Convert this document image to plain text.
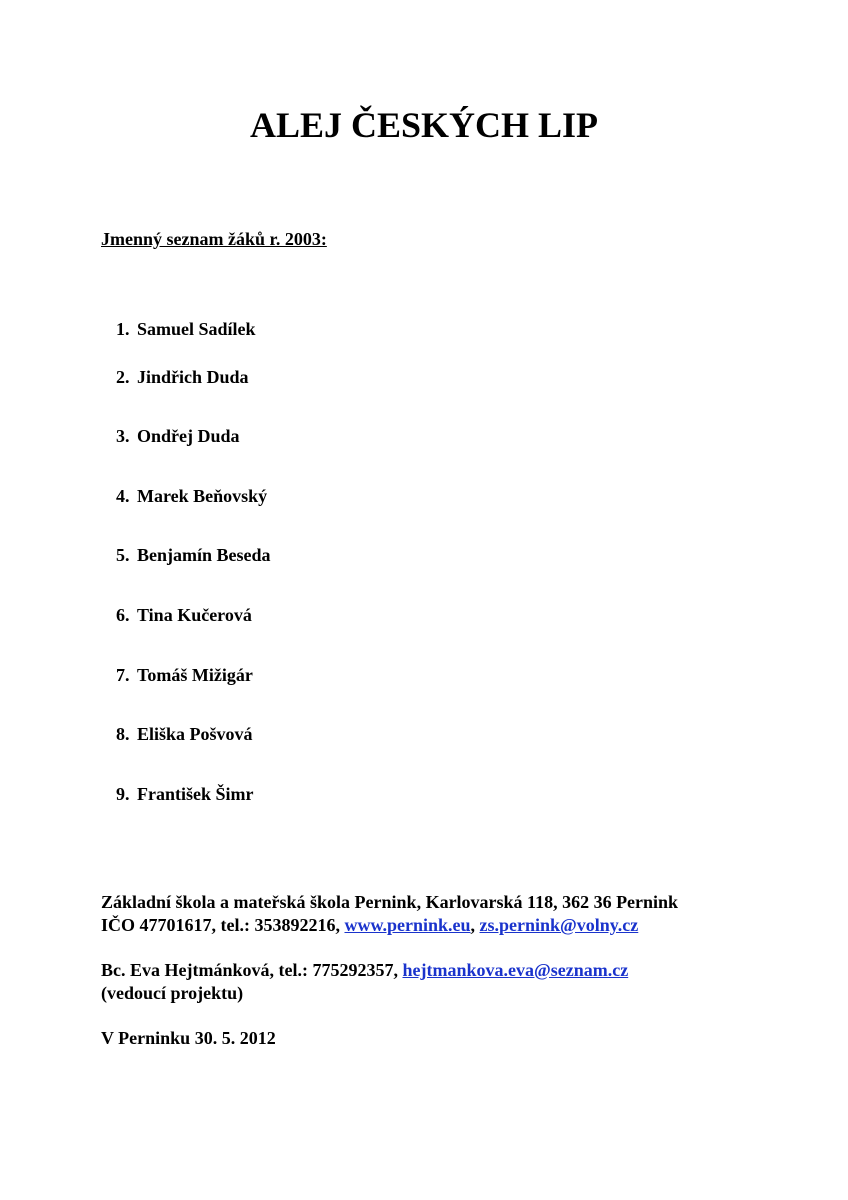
ALEJ ČESKÝCH LIP

Jmenný seznam žáků r. 2003:

1. Samuel Sadílek
2. Jindřich Duda
3. Ondřej Duda
4. Marek Beňovský
5. Benjamín Beseda
6. Tina Kučerová
7. Tomáš Mižigár
8. Eliška Pošvová
9. František Šimr

Základní škola a mateřská škola Pernink, Karlovarská 118, 362 36 Pernink

IČO 47701617, tel.: 353892216, www.pernink.eu, zs.pernink@volny.cz

Bc. Eva Hejtmánková, tel.: 775292357, hejtmankova.eva@seznam.cz

(vedoucí projektu)

V Perninku 30. 5. 2012
